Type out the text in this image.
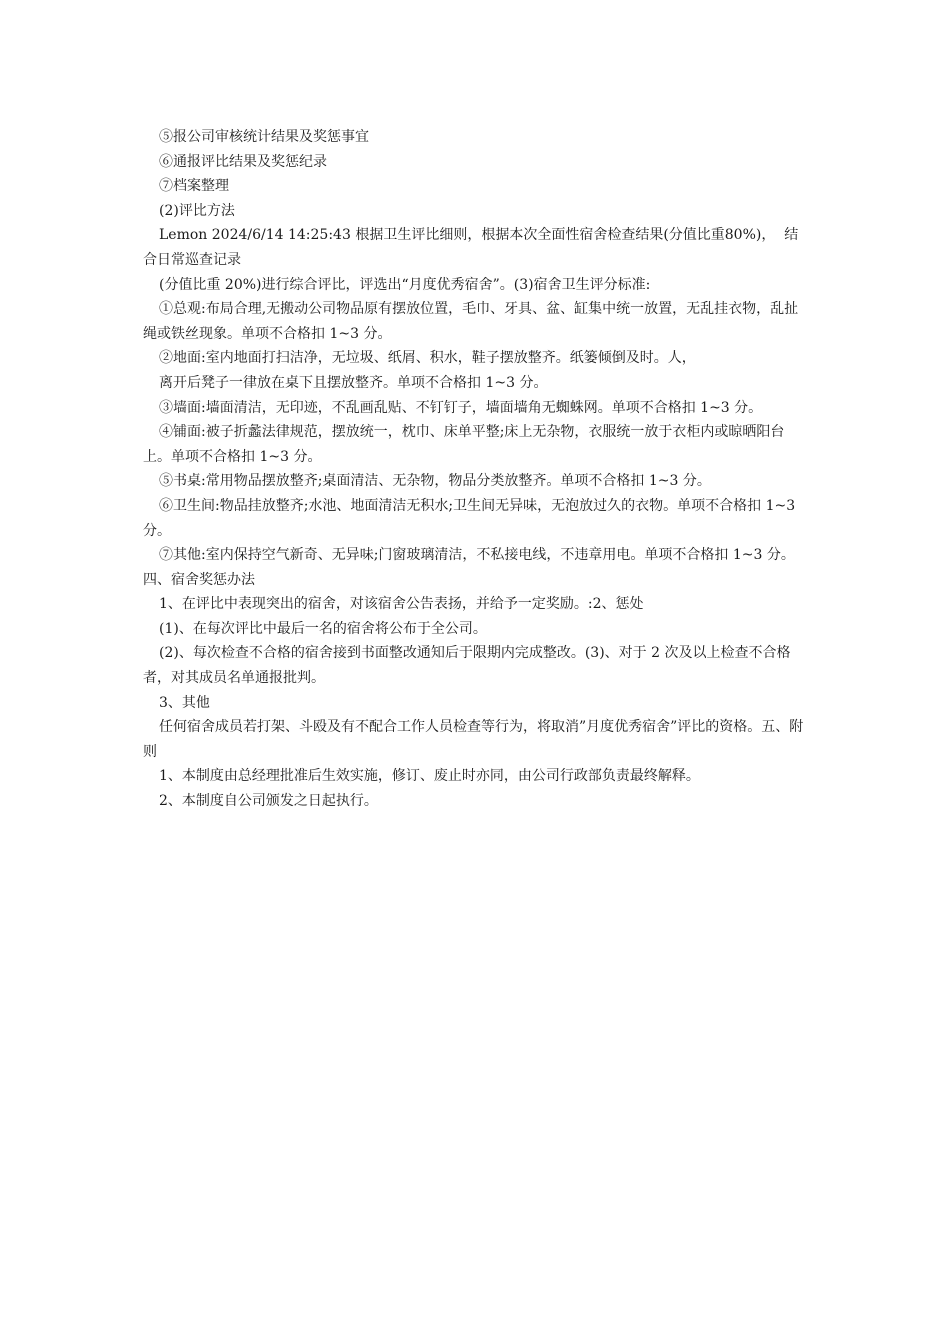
⑤报公司审核统计结果及奖惩事宜

⑥通报评比结果及奖惩纪录

⑦档案整理

(2)评比方法

Lemon 2024/6/14 14:25:43 根据卫生评比细则，根据本次全面性宿舍检查结果(分值比重80%)，  结合日常巡查记录

(分值比重 20%)进行综合评比，评选出“月度优秀宿舍”。(3)宿舍卫生评分标准:

①总观:布局合理,无搬动公司物品原有摆放位置，毛巾、牙具、盆、缸集中统一放置，无乱挂衣物，乱扯绳或铁丝现象。单项不合格扣 1~3 分。

②地面:室内地面打扫洁净，无垃圾、纸屑、积水，鞋子摆放整齐。纸篓倾倒及时。人，

离开后凳子一律放在桌下且摆放整齐。单项不合格扣 1~3 分。

③墙面:墙面清洁，无印迹，不乱画乱贴、不钉钉子，墙面墙角无蜘蛛网。单项不合格扣 1~3 分。

④铺面:被子折蠡法律规范，摆放统一，枕巾、床单平整;床上无杂物，衣服统一放于衣柜内或晾晒阳台上。单项不合格扣 1~3 分。

⑤书桌:常用物品摆放整齐;桌面清洁、无杂物，物品分类放整齐。单项不合格扣 1~3 分。

⑥卫生间:物品挂放整齐;水池、地面清洁无积水;卫生间无异味，无泡放过久的衣物。单项不合格扣 1~3 分。

⑦其他:室内保持空气新奇、无异味;门窗玻璃清洁，不私接电线，不违章用电。单项不合格扣 1~3 分。四、宿舍奖惩办法

1、在评比中表现突出的宿舍，对该宿舍公告表扬，并给予一定奖励。:2、惩处

(1)、在每次评比中最后一名的宿舍将公布于全公司。

(2)、每次检查不合格的宿舍接到书面整改通知后于限期内完成整改。(3)、对于 2 次及以上检查不合格者，对其成员名单通报批判。

3、其他

任何宿舍成员若打架、斗殴及有不配合工作人员检查等行为，将取消”月度优秀宿舍”评比的资格。五、附则

1、本制度由总经理批准后生效实施，修订、废止时亦同，由公司行政部负责最终解释。

2、本制度自公司颁发之日起执行。
